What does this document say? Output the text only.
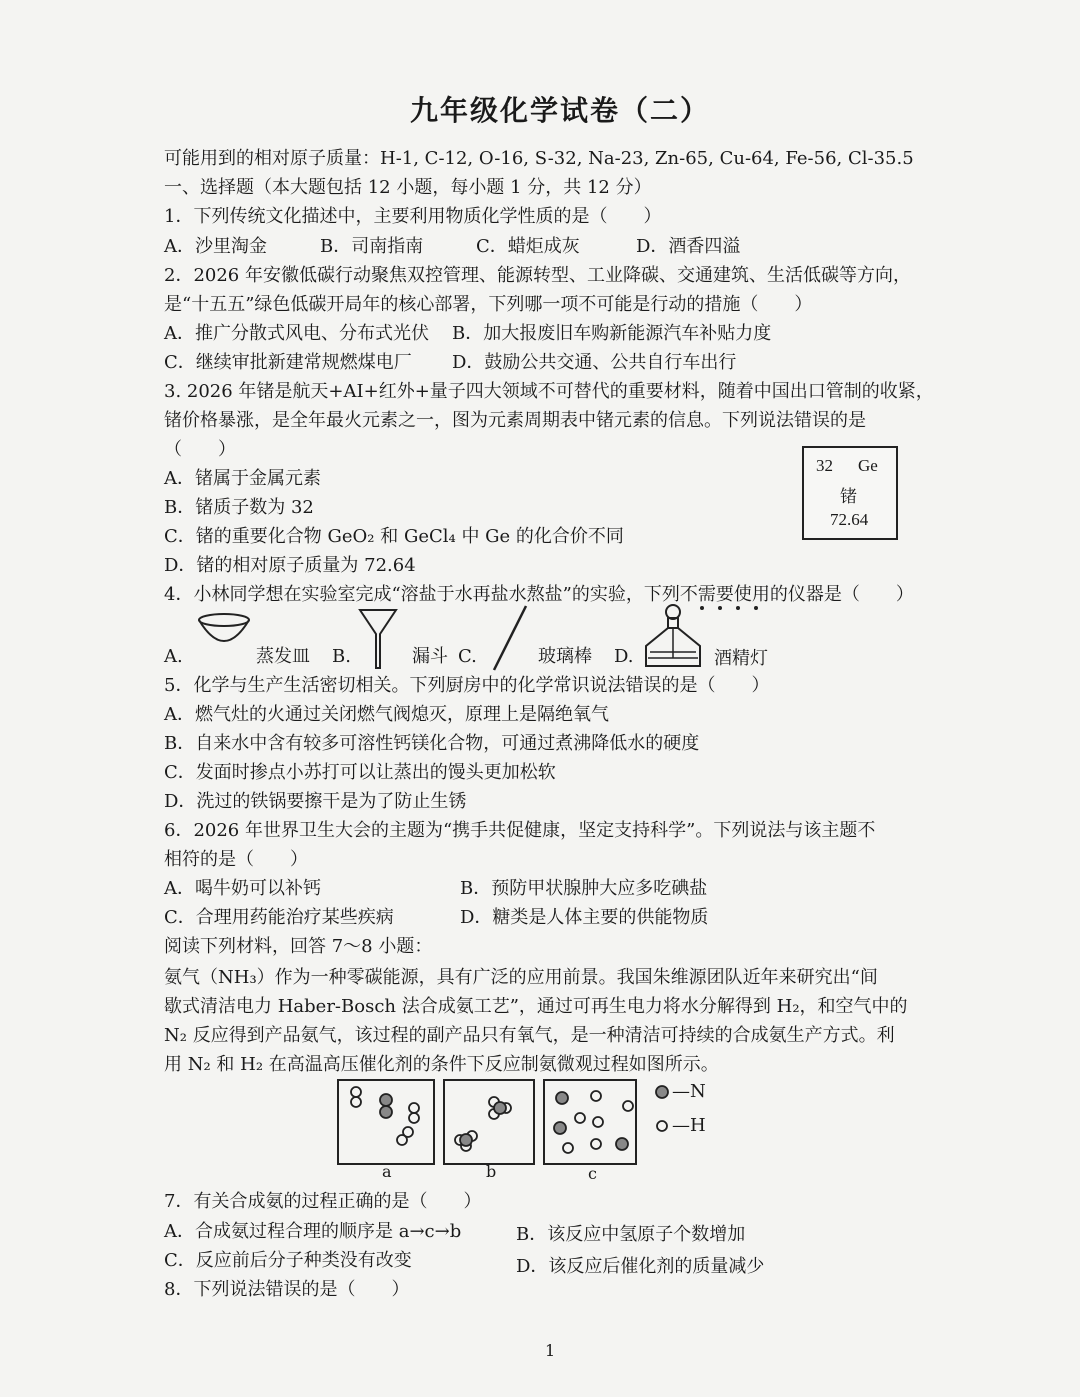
九年级化学试卷（二）
可能用到的相对原子质量：H-1, C-12, O-16, S-32, Na-23, Zn-65, Cu-64, Fe-56, Cl-35.5
一、选择题（本大题包括 12 小题，每小题 1 分，共 12 分）
1．下列传统文化描述中，主要利用物质化学性质的是（　　）
A．沙里淘金	B．司南指南	C．蜡炬成灰	D．酒香四溢
2．2026 年安徽低碳行动聚焦双控管理、能源转型、工业降碳、交通建筑、生活低碳等方向，
是“十五五”绿色低碳开局年的核心部署，下列哪一项不可能是行动的措施（　　）
A．推广分散式风电、分布式光伏 B．加大报废旧车购新能源汽车补贴力度
C．继续审批新建常规燃煤电厂 D．鼓励公共交通、公共自行车出行
3. 2026 年锗是航天+AI+红外+量子四大领域不可替代的重要材料，随着中国出口管制的收紧，
锗价格暴涨，是全年最火元素之一，图为元素周期表中锗元素的信息。下列说法错误的是
（　　）
A．锗属于金属元素
B．锗质子数为 32
C．锗的重要化合物 GeO₂ 和 GeCl₄ 中 Ge 的化合价不同
D．锗的相对原子质量为 72.64
32 Ge
锗
72.64
4．小林同学想在实验室完成“溶盐于水再盐水熬盐”的实验，下列不需要使用的仪器是（　　）
A.	蒸发皿 B.	漏斗 C.	玻璃棒 D.	酒精灯
5．化学与生产生活密切相关。下列厨房中的化学常识说法错误的是（　　）
A．燃气灶的火通过关闭燃气阀熄灭，原理上是隔绝氧气
B．自来水中含有较多可溶性钙镁化合物，可通过煮沸降低水的硬度
C．发面时掺点小苏打可以让蒸出的馒头更加松软
D．洗过的铁锅要擦干是为了防止生锈
6．2026 年世界卫生大会的主题为“携手共促健康，坚定支持科学”。下列说法与该主题不
相符的是（　　）
A．喝牛奶可以补钙	B．预防甲状腺肿大应多吃碘盐
C．合理用药能治疗某些疾病	D．糖类是人体主要的供能物质
阅读下列材料，回答 7～8 小题：
氨气（NH₃）作为一种零碳能源，具有广泛的应用前景。我国朱维源团队近年来研究出“间
歇式清洁电力 Haber-Bosch 法合成氨工艺”，通过可再生电力将水分解得到 H₂，和空气中的
N₂ 反应得到产品氨气，该过程的副产品只有氧气，是一种清洁可持续的合成氨生产方式。利
用 N₂ 和 H₂ 在高温高压催化剂的条件下反应制氨微观过程如图所示。
—N
—H
a	b	c
7．有关合成氨的过程正确的是（　　）
A．合成氨过程合理的顺序是 a→c→b	B．该反应中氢原子个数增加
C．反应前后分子种类没有改变	D．该反应后催化剂的质量减少
8．下列说法错误的是（　　）
1
